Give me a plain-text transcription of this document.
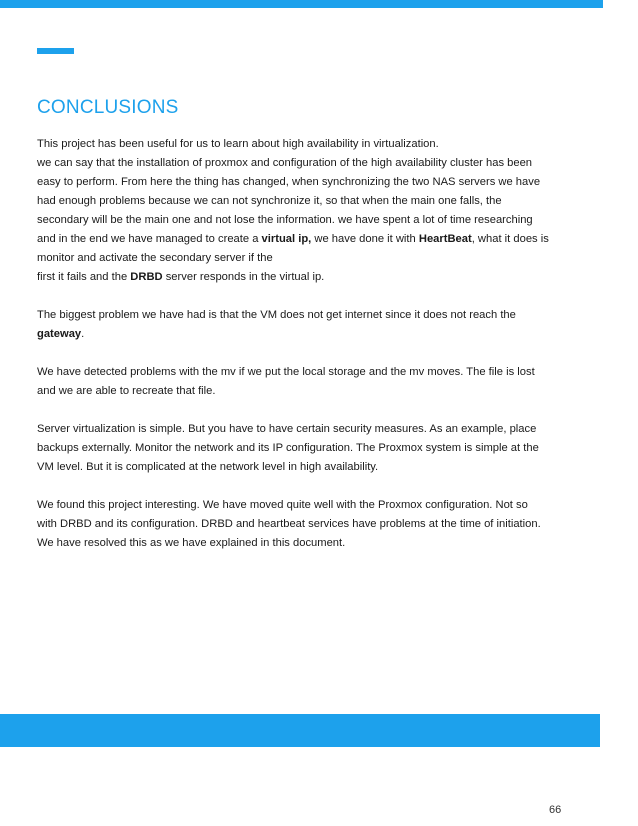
CONCLUSIONS

This project has been useful for us to learn about high availability in virtualization.
we can say that the installation of proxmox and configuration of the high availability cluster has been
easy to perform. From here the thing has changed, when synchronizing the two NAS servers we have
had enough problems because we can not synchronize it, so that when the main one falls, the
secondary will be the main one and not lose the information. we have spent a lot of time researching
and in the end we have managed to create a virtual ip, we have done it with HeartBeat, what it does is
monitor and activate the secondary server if the
first it fails and the DRBD server responds in the virtual ip.

The biggest problem we have had is that the VM does not get internet since it does not reach the
gateway.

We have detected problems with the mv if we put the local storage and the mv moves. The file is lost
and we are able to recreate that file.

Server virtualization is simple. But you have to have certain security measures. As an example, place
backups externally. Monitor the network and its IP configuration. The Proxmox system is simple at the
VM level. But it is complicated at the network level in high availability.

We found this project interesting. We have moved quite well with the Proxmox configuration. Not so
with DRBD and its configuration. DRBD and heartbeat services have problems at the time of initiation.
We have resolved this as we have explained in this document.

66
